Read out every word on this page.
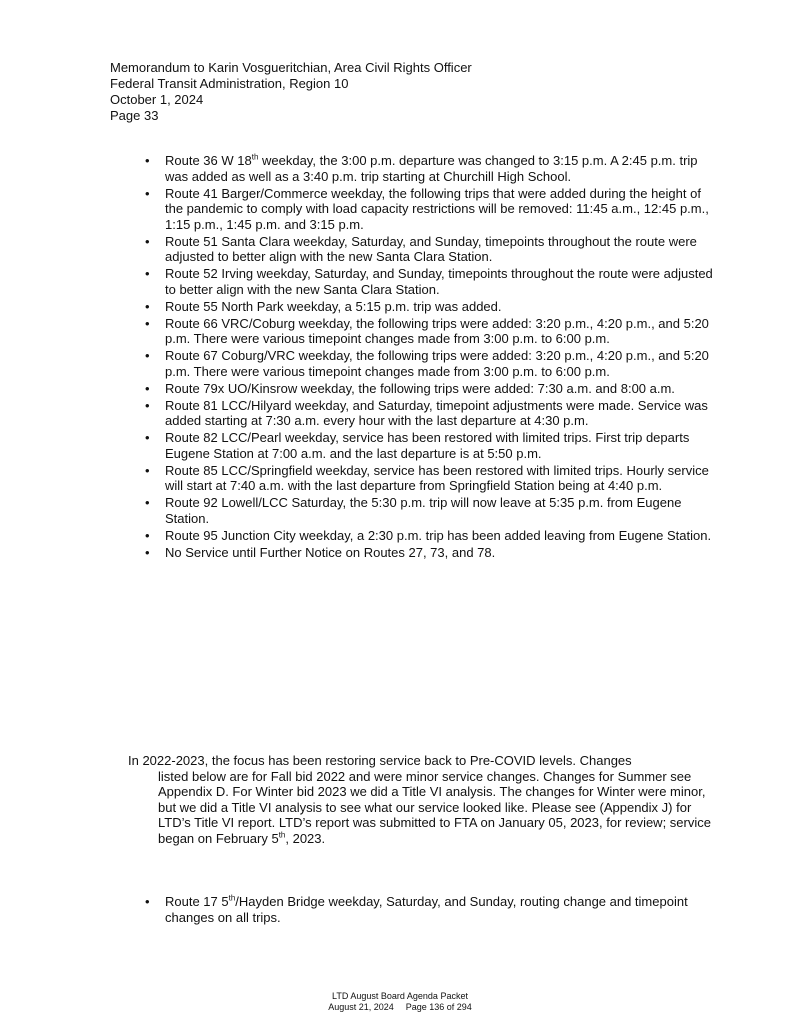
Memorandum to Karin Vosgueritchian, Area Civil Rights Officer
Federal Transit Administration, Region 10
October 1, 2024
Page 33
• Route 36 W 18th weekday, the 3:00 p.m. departure was changed to 3:15 p.m. A 2:45 p.m. trip was added as well as a 3:40 p.m. trip starting at Churchill High School.
• Route 41 Barger/Commerce weekday, the following trips that were added during the height of the pandemic to comply with load capacity restrictions will be removed: 11:45 a.m., 12:45 p.m., 1:15 p.m., 1:45 p.m. and 3:15 p.m.
• Route 51 Santa Clara weekday, Saturday, and Sunday, timepoints throughout the route were adjusted to better align with the new Santa Clara Station.
• Route 52 Irving weekday, Saturday, and Sunday, timepoints throughout the route were adjusted to better align with the new Santa Clara Station.
• Route 55 North Park weekday, a 5:15 p.m. trip was added.
• Route 66 VRC/Coburg weekday, the following trips were added: 3:20 p.m., 4:20 p.m., and 5:20 p.m. There were various timepoint changes made from 3:00 p.m. to 6:00 p.m.
• Route 67 Coburg/VRC weekday, the following trips were added: 3:20 p.m., 4:20 p.m., and 5:20 p.m. There were various timepoint changes made from 3:00 p.m. to 6:00 p.m.
• Route 79x UO/Kinsrow weekday, the following trips were added: 7:30 a.m. and 8:00 a.m.
• Route 81 LCC/Hilyard weekday, and Saturday, timepoint adjustments were made. Service was added starting at 7:30 a.m. every hour with the last departure at 4:30 p.m.
• Route 82 LCC/Pearl weekday, service has been restored with limited trips. First trip departs Eugene Station at 7:00 a.m. and the last departure is at 5:50 p.m.
• Route 85 LCC/Springfield weekday, service has been restored with limited trips. Hourly service will start at 7:40 a.m. with the last departure from Springfield Station being at 4:40 p.m.
• Route 92 Lowell/LCC Saturday, the 5:30 p.m. trip will now leave at 5:35 p.m. from Eugene Station.
• Route 95 Junction City weekday, a 2:30 p.m. trip has been added leaving from Eugene Station.
• No Service until Further Notice on Routes 27, 73, and 78.

In 2022-2023, the focus has been restoring service back to Pre-COVID levels. Changes

listed below are for Fall bid 2022 and were minor service changes. Changes for Summer see Appendix D. For Winter bid 2023 we did a Title VI analysis. The changes for Winter were minor, but we did a Title VI analysis to see what our service looked like. Please see (Appendix J) for LTD’s Title VI report. LTD’s report was submitted to FTA on January 05, 2023, for review; service began on February 5th, 2023.

• Route 17 5th/Hayden Bridge weekday, Saturday, and Sunday, routing change and timepoint changes on all trips.
LTD August Board Agenda Packet
August 21, 2024 Page 136 of 294
